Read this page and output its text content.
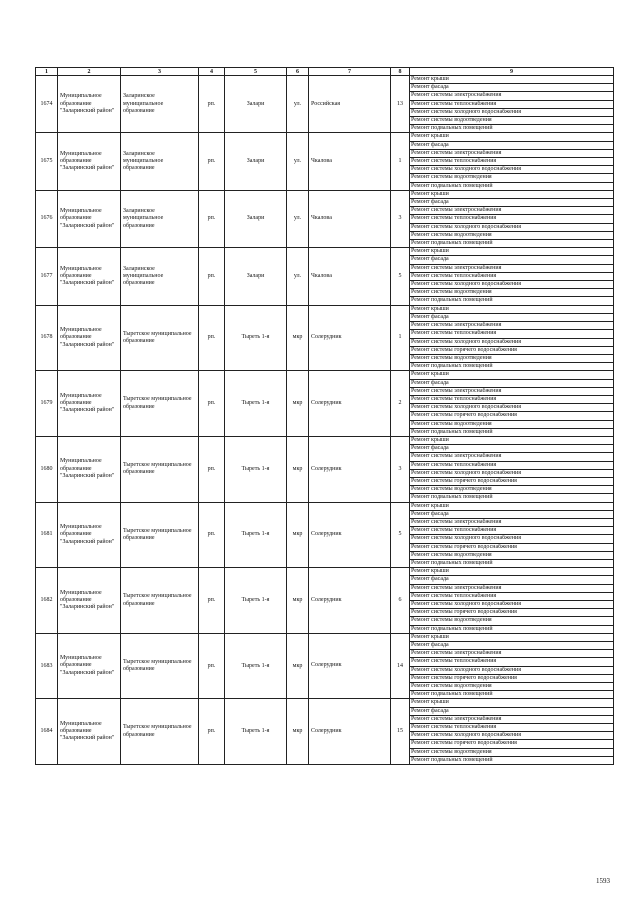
1	2	3	4	5	6	7	8	9
1674	Муниципальное образование "Заларинский район"	Заларинское муниципальное образование	рп.	Залари	ул.	Российская	13	Ремонт крыши
								Ремонт фасада
								Ремонт системы электроснабжения
								Ремонт системы теплоснабжения
								Ремонт системы холодного водоснабжения
								Ремонт системы водоотведения
								Ремонт подвальных помещений
1675	Муниципальное образование "Заларинский район"	Заларинское муниципальное образование	рп.	Залари	ул.	Чкалова	1	Ремонт крыши
								Ремонт фасада
								Ремонт системы электроснабжения
								Ремонт системы теплоснабжения
								Ремонт системы холодного водоснабжения
								Ремонт системы водоотведения
								Ремонт подвальных помещений
1676	Муниципальное образование "Заларинский район"	Заларинское муниципальное образование	рп.	Залари	ул.	Чкалова	3	Ремонт крыши
								Ремонт фасада
								Ремонт системы электроснабжения
								Ремонт системы теплоснабжения
								Ремонт системы холодного водоснабжения
								Ремонт системы водоотведения
								Ремонт подвальных помещений
1677	Муниципальное образование "Заларинский район"	Заларинское муниципальное образование	рп.	Залари	ул.	Чкалова	5	Ремонт крыши
								Ремонт фасада
								Ремонт системы электроснабжения
								Ремонт системы теплоснабжения
								Ремонт системы холодного водоснабжения
								Ремонт системы водоотведения
								Ремонт подвальных помещений
1678	Муниципальное образование "Заларинский район"	Тыретское муниципальное образование	рп.	Тыреть 1-я	мкр	Солерудник	1	Ремонт крыши
								Ремонт фасада
								Ремонт системы электроснабжения
								Ремонт системы теплоснабжения
								Ремонт системы холодного водоснабжения
								Ремонт системы горячего водоснабжения
								Ремонт системы водоотведения
								Ремонт подвальных помещений
1679	Муниципальное образование "Заларинский район"	Тыретское муниципальное образование	рп.	Тыреть 1-я	мкр	Солерудник	2	Ремонт крыши
								Ремонт фасада
								Ремонт системы электроснабжения
								Ремонт системы теплоснабжения
								Ремонт системы холодного водоснабжения
								Ремонт системы горячего водоснабжения
								Ремонт системы водоотведения
								Ремонт подвальных помещений
1680	Муниципальное образование "Заларинский район"	Тыретское муниципальное образование	рп.	Тыреть 1-я	мкр	Солерудник	3	Ремонт крыши
								Ремонт фасада
								Ремонт системы электроснабжения
								Ремонт системы теплоснабжения
								Ремонт системы холодного водоснабжения
								Ремонт системы горячего водоснабжения
								Ремонт системы водоотведения
								Ремонт подвальных помещений
1681	Муниципальное образование "Заларинский район"	Тыретское муниципальное образование	рп.	Тыреть 1-я	мкр	Солерудник	5	Ремонт крыши
								Ремонт фасада
								Ремонт системы электроснабжения
								Ремонт системы теплоснабжения
								Ремонт системы холодного водоснабжения
								Ремонт системы горячего водоснабжения
								Ремонт системы водоотведения
								Ремонт подвальных помещений
1682	Муниципальное образование "Заларинский район"	Тыретское муниципальное образование	рп.	Тыреть 1-я	мкр	Солерудник	6	Ремонт крыши
								Ремонт фасада
								Ремонт системы электроснабжения
								Ремонт системы теплоснабжения
								Ремонт системы холодного водоснабжения
								Ремонт системы горячего водоснабжения
								Ремонт системы водоотведения
								Ремонт подвальных помещений
1683	Муниципальное образование "Заларинский район"	Тыретское муниципальное образование	рп.	Тыреть 1-я	мкр	Солерудник	14	Ремонт крыши
								Ремонт фасада
								Ремонт системы электроснабжения
								Ремонт системы теплоснабжения
								Ремонт системы холодного водоснабжения
								Ремонт системы горячего водоснабжения
								Ремонт системы водоотведения
								Ремонт подвальных помещений
1684	Муниципальное образование "Заларинский район"	Тыретское муниципальное образование	рп.	Тыреть 1-я	мкр	Солерудник	15	Ремонт крыши
								Ремонт фасада
								Ремонт системы электроснабжения
								Ремонт системы теплоснабжения
								Ремонт системы холодного водоснабжения
								Ремонт системы горячего водоснабжения
								Ремонт системы водоотведения
								Ремонт подвальных помещений
1593
